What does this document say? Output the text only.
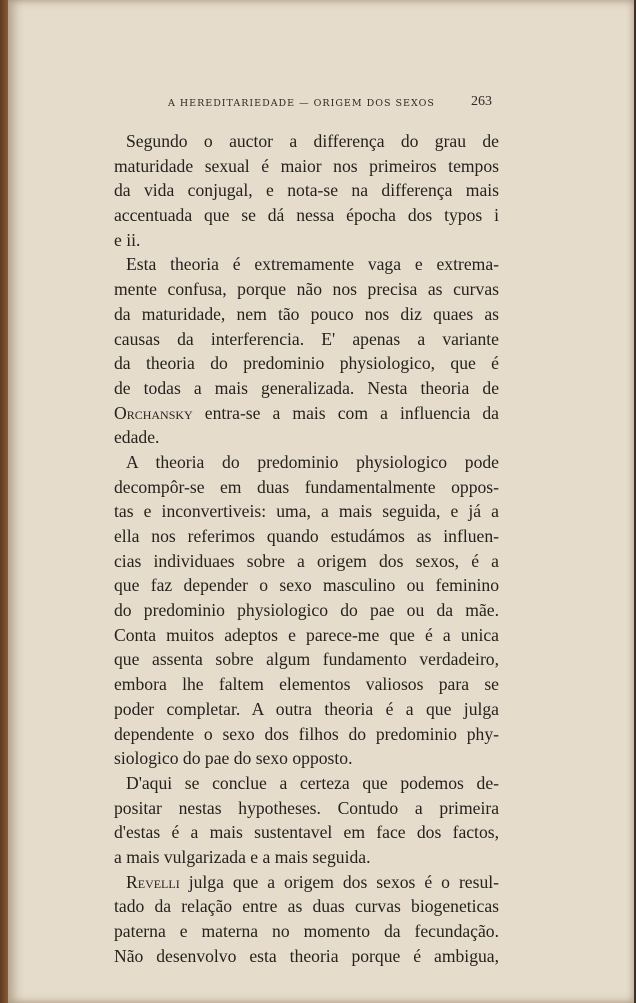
A HEREDITARIEDADE — ORIGEM DOS SEXOS	263
Segundo o auctor a differença do grau de
maturidade sexual é maior nos primeiros tempos
da vida conjugal, e nota-se na differença mais
accentuada que se dá nessa épocha dos typos i
e ii.
Esta theoria é extremamente vaga e extrema-
mente confusa, porque não nos precisa as curvas
da maturidade, nem tão pouco nos diz quaes as
causas da interferencia. E' apenas a variante
da theoria do predominio physiologico, que é
de todas a mais generalizada. Nesta theoria de
Orchansky entra-se a mais com a influencia da
edade.
A theoria do predominio physiologico pode
decompôr-se em duas fundamentalmente oppos-
tas e inconvertiveis: uma, a mais seguida, e já a
ella nos referimos quando estudámos as influen-
cias individuaes sobre a origem dos sexos, é a
que faz depender o sexo masculino ou feminino
do predominio physiologico do pae ou da mãe.
Conta muitos adeptos e parece-me que é a unica
que assenta sobre algum fundamento verdadeiro,
embora lhe faltem elementos valiosos para se
poder completar. A outra theoria é a que julga
dependente o sexo dos filhos do predominio phy-
siologico do pae do sexo opposto.
D'aqui se conclue a certeza que podemos de-
positar nestas hypotheses. Contudo a primeira
d'estas é a mais sustentavel em face dos factos,
a mais vulgarizada e a mais seguida.
Revelli julga que a origem dos sexos é o resul-
tado da relação entre as duas curvas biogeneticas
paterna e materna no momento da fecundação.
Não desenvolvo esta theoria porque é ambigua,
